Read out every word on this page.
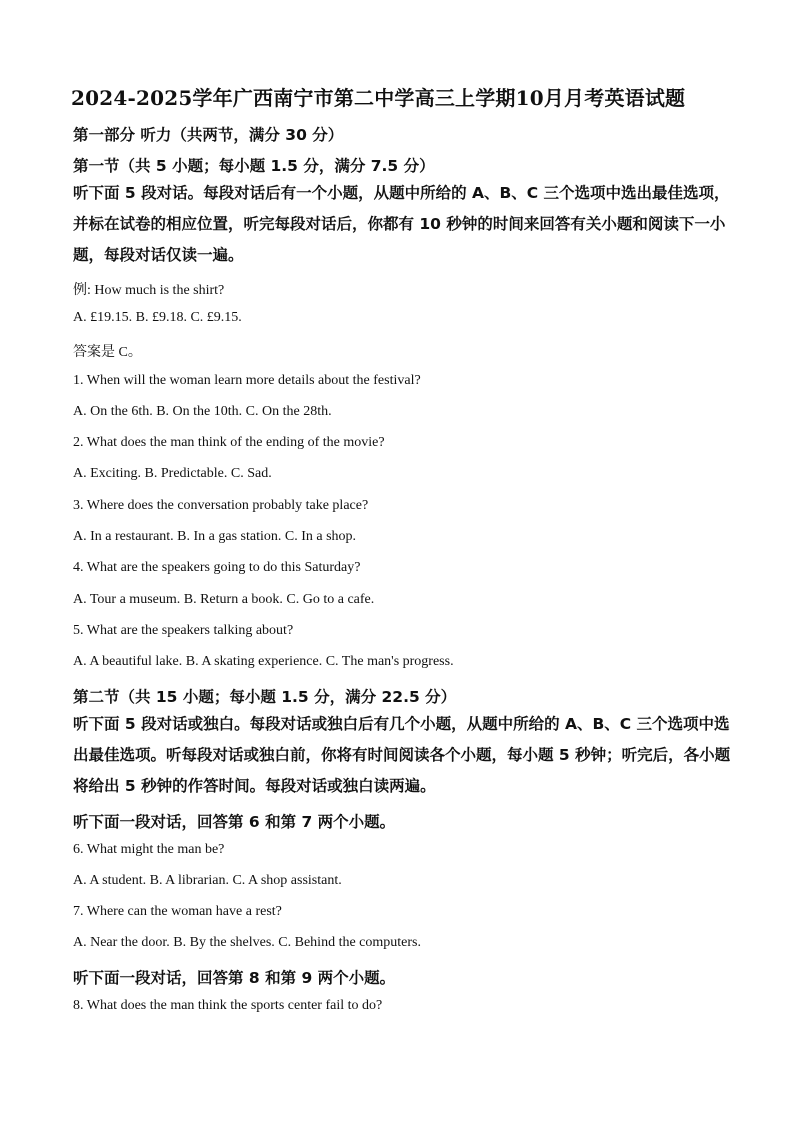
2024-2025学年广西南宁市第二中学高三上学期10月月考英语试题
第一部分 听力（共两节，满分 30 分）
第一节（共 5 小题；每小题 1.5 分，满分 7.5 分）
听下面 5 段对话。每段对话后有一个小题，从题中所给的 A、B、C 三个选项中选出最佳选项，并标在试卷的相应位置，听完每段对话后，你都有 10 秒钟的时间来回答有关小题和阅读下一小题，每段对话仅读一遍。
例: How much is the shirt?
A. £19.15. B. £9.18. C. £9.15.
答案是 C。
1. When will the woman learn more details about the festival?
A. On the 6th. B. On the 10th. C. On the 28th.
2. What does the man think of the ending of the movie?
A. Exciting. B. Predictable. C. Sad.
3. Where does the conversation probably take place?
A. In a restaurant. B. In a gas station. C. In a shop.
4. What are the speakers going to do this Saturday?
A. Tour a museum. B. Return a book. C. Go to a cafe.
5. What are the speakers talking about?
A. A beautiful lake. B. A skating experience. C. The man's progress.
第二节（共 15 小题；每小题 1.5 分，满分 22.5 分）
听下面 5 段对话或独白。每段对话或独白后有几个小题，从题中所给的 A、B、C 三个选项中选出最佳选项。听每段对话或独白前，你将有时间阅读各个小题，每小题 5 秒钟；听完后，各小题将给出 5 秒钟的作答时间。每段对话或独白读两遍。
听下面一段对话，回答第 6 和第 7 两个小题。
6. What might the man be?
A. A student. B. A librarian. C. A shop assistant.
7. Where can the woman have a rest?
A. Near the door. B. By the shelves. C. Behind the computers.
听下面一段对话，回答第 8 和第 9 两个小题。
8. What does the man think the sports center fail to do?
